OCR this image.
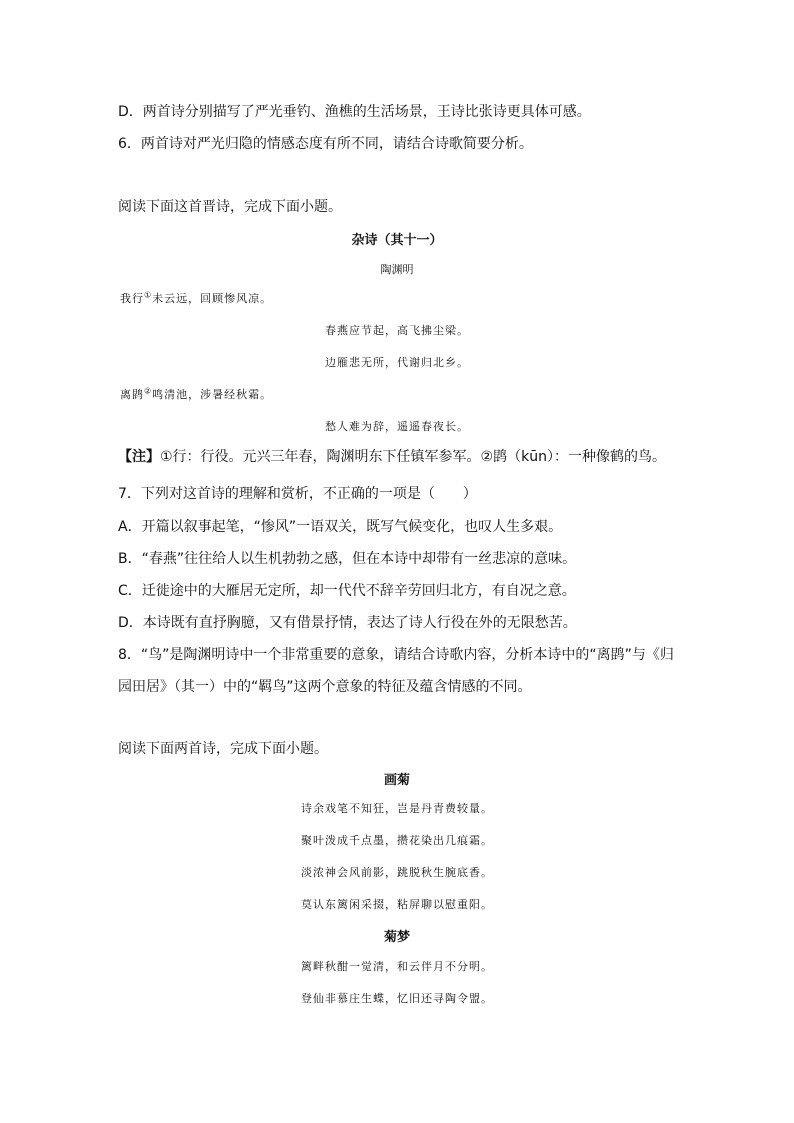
D．两首诗分别描写了严光垂钓、渔樵的生活场景，王诗比张诗更具体可感。
6．两首诗对严光归隐的情感态度有所不同，请结合诗歌简要分析。
阅读下面这首晋诗，完成下面小题。
杂诗（其十一）
陶渊明
我行①未云远，回顾惨风凉。
春燕应节起，高飞拂尘梁。
边雁悲无所，代谢归北乡。
离鹍②鸣清池，涉暑经秋霜。
愁人难为辞，遥遥春夜长。
【注】①行：行役。元兴三年春，陶渊明东下任镇军参军。②鹍（kūn）：一种像鹤的鸟。
7．下列对这首诗的理解和赏析，不正确的一项是（　　）
A．开篇以叙事起笔，“惨风”一语双关，既写气候变化，也叹人生多艰。
B．“春燕”往往给人以生机勃勃之感，但在本诗中却带有一丝悲凉的意味。
C．迁徙途中的大雁居无定所，却一代代不辞辛劳回归北方，有自况之意。
D．本诗既有直抒胸臆，又有借景抒情，表达了诗人行役在外的无限愁苦。
8．“鸟”是陶渊明诗中一个非常重要的意象，请结合诗歌内容，分析本诗中的“离鹍”与《归
园田居》（其一）中的“羁鸟”这两个意象的特征及蕴含情感的不同。
阅读下面两首诗，完成下面小题。
画菊
诗余戏笔不知狂，岂是丹青费较量。
聚叶泼成千点墨，攒花染出几痕霜。
淡浓神会风前影，跳脱秋生腕底香。
莫认东篱闲采掇，粘屏聊以慰重阳。
菊梦
篱畔秋酣一觉清，和云伴月不分明。
登仙非慕庄生蝶，忆旧还寻陶令盟。
